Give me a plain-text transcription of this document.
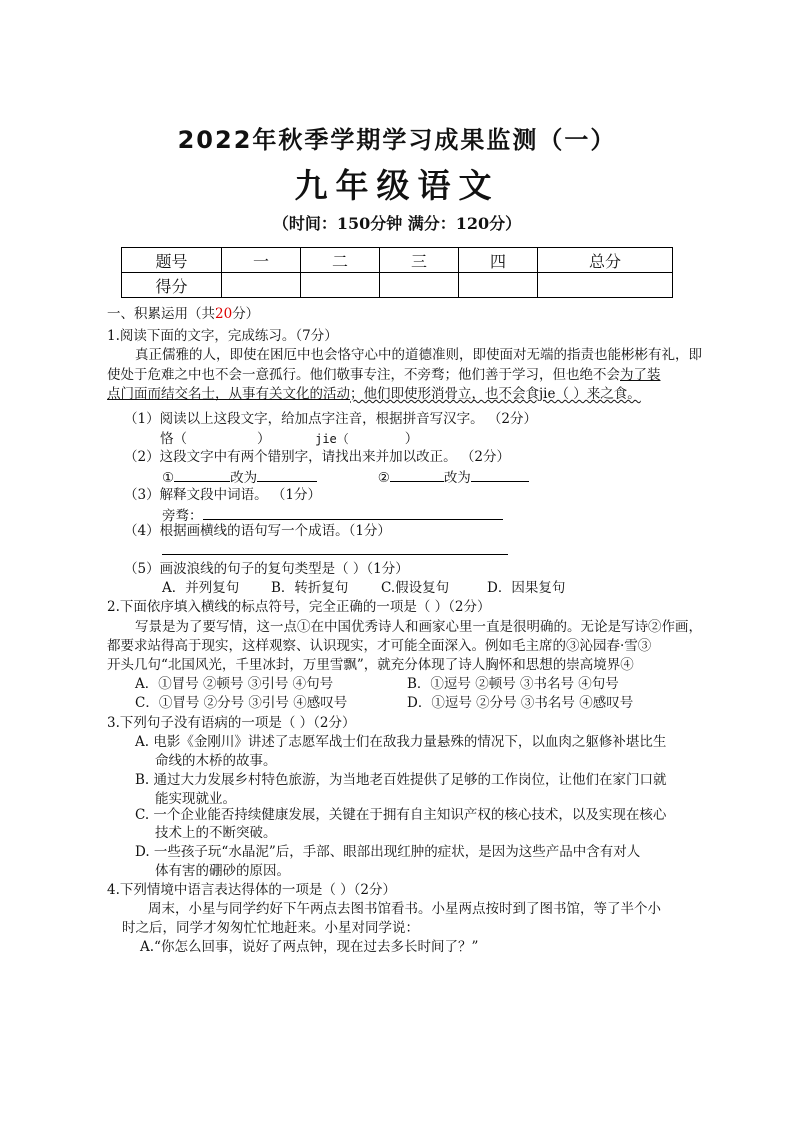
2022年秋季学期学习成果监测（一）
九年级语文
（时间：150分钟 满分：120分）
题号	一	二	三	四	总分
得分					
一、积累运用（共20分）
1.阅读下面的文字，完成练习。（7分）
真正儒雅的人，即使在困厄中也会恪守心中的道德准则，即使面对无端的指责也能彬彬有礼，即
使处于危难之中也不会一意孤行。他们敬事专注，不旁骛；他们善于学习，但也绝不会为了装
点门面而结交名士，从事有关文化的活动；他们即使形消骨立，也不会食jie（ ）来之食。
（1）阅读以上这段文字，给加点字注音，根据拼音写汉字。 （2分）
恪（	）	jie（	）
（2）这段文字中有两个错别字，请找出来并加以改正。 （2分）
①	改为	②	改为
（3）解释文段中词语。 （1分）
旁骛：
（4）根据画横线的语句写一个成语。（1分）
（5）画波浪线的句子的复句类型是（ ）（1分）
A．并列复句 B．转折复句 C.假设复句	D．因果复句
2.下面依序填入横线的标点符号，完全正确的一项是（ ）（2分）
写景是为了要写情，这一点①在中国优秀诗人和画家心里一直是很明确的。无论是写诗②作画，
都要求站得高于现实，这样观察、认识现实，才可能全面深入。例如毛主席的③沁园春·雪③
开头几句“北国风光，千里冰封，万里雪飘”，就充分体现了诗人胸怀和思想的崇高境界④
A．①冒号 ②顿号 ③引号 ④句号	B．①逗号 ②顿号 ③书名号 ④句号
C．①冒号 ②分号 ③引号 ④感叹号	D．①逗号 ②分号 ③书名号 ④感叹号
3.下列句子没有语病的一项是（ ）（2分）
A. 电影《金刚川》讲述了志愿军战士们在敌我力量悬殊的情况下，以血肉之躯修补堪比生
命线的木桥的故事。
B. 通过大力发展乡村特色旅游，为当地老百姓提供了足够的工作岗位，让他们在家门口就
能实现就业。
C. 一个企业能否持续健康发展，关键在于拥有自主知识产权的核心技术，以及实现在核心
技术上的不断突破。
D. 一些孩子玩“水晶泥”后，手部、眼部出现红肿的症状，是因为这些产品中含有对人
体有害的硼砂的原因。
4.下列情境中语言表达得体的一项是（ ）（2分）
周末，小星与同学约好下午两点去图书馆看书。小星两点按时到了图书馆，等了半个小
时之后，同学才匆匆忙忙地赶来。小星对同学说：
A.“你怎么回事，说好了两点钟，现在过去多长时间了？”
